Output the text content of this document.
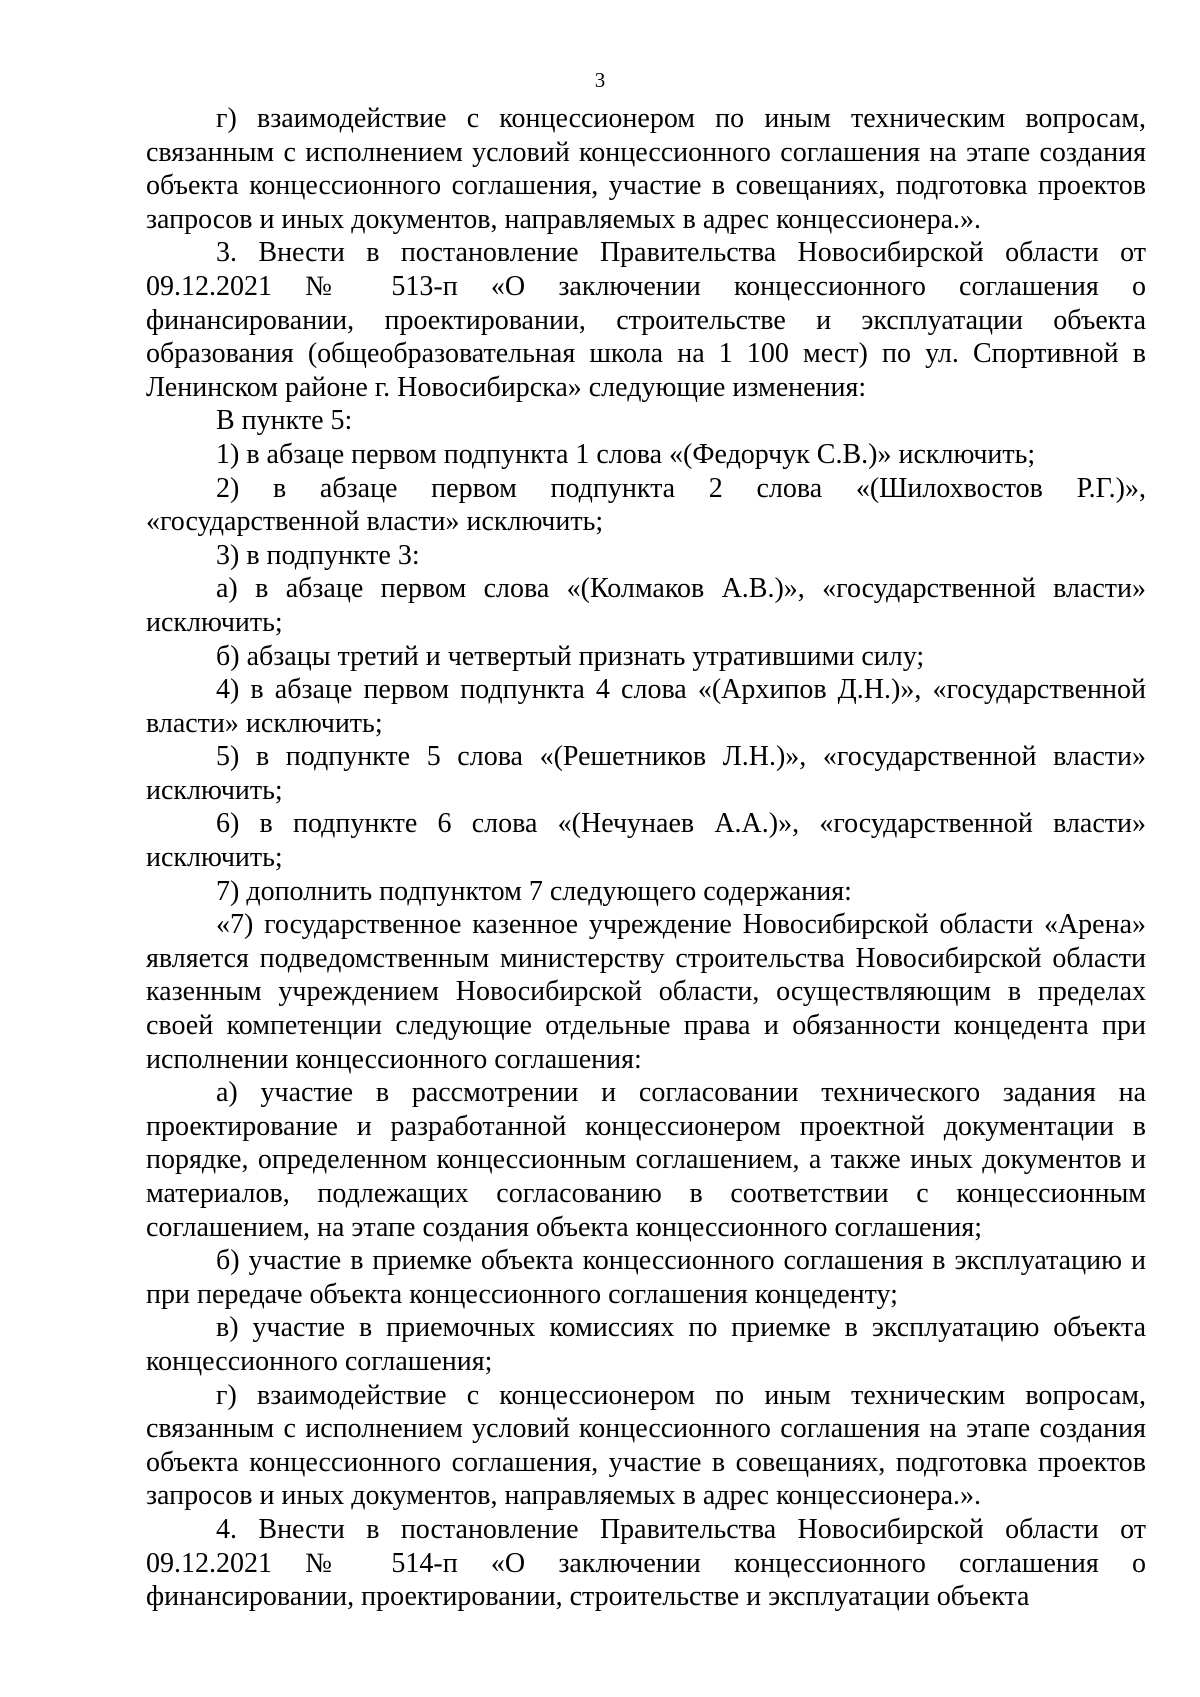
3

г) взаимодействие с концессионером по иным техническим вопросам, связанным с исполнением условий концессионного соглашения на этапе создания объекта концессионного соглашения, участие в совещаниях, подготовка проектов запросов и иных документов, направляемых в адрес концессионера.».

3. Внести в постановление Правительства Новосибирской области от 09.12.2021 № 513-п «О заключении концессионного соглашения о финансировании, проектировании, строительстве и эксплуатации объекта образования (общеобразовательная школа на 1 100 мест) по ул. Спортивной в Ленинском районе г. Новосибирска» следующие изменения:

В пункте 5:

1) в абзаце первом подпункта 1 слова «(Федорчук С.В.)» исключить;

2) в абзаце первом подпункта 2 слова «(Шилохвостов Р.Г.)», «государственной власти» исключить;

3) в подпункте 3:

а) в абзаце первом слова «(Колмаков А.В.)», «государственной власти» исключить;

б) абзацы третий и четвертый признать утратившими силу;

4) в абзаце первом подпункта 4 слова «(Архипов Д.Н.)», «государственной власти» исключить;

5) в подпункте 5 слова «(Решетников Л.Н.)», «государственной власти» исключить;

6) в подпункте 6 слова «(Нечунаев А.А.)», «государственной власти» исключить;

7) дополнить подпунктом 7 следующего содержания:

«7) государственное казенное учреждение Новосибирской области «Арена» является подведомственным министерству строительства Новосибирской области казенным учреждением Новосибирской области, осуществляющим в пределах своей компетенции следующие отдельные права и обязанности концедента при исполнении концессионного соглашения:

а) участие в рассмотрении и согласовании технического задания на проектирование и разработанной концессионером проектной документации в порядке, определенном концессионным соглашением, а также иных документов и материалов, подлежащих согласованию в соответствии с концессионным соглашением, на этапе создания объекта концессионного соглашения;

б) участие в приемке объекта концессионного соглашения в эксплуатацию и при передаче объекта концессионного соглашения концеденту;

в) участие в приемочных комиссиях по приемке в эксплуатацию объекта концессионного соглашения;

г) взаимодействие с концессионером по иным техническим вопросам, связанным с исполнением условий концессионного соглашения на этапе создания объекта концессионного соглашения, участие в совещаниях, подготовка проектов запросов и иных документов, направляемых в адрес концессионера.».

4. Внести в постановление Правительства Новосибирской области от 09.12.2021 № 514-п «О заключении концессионного соглашения о финансировании, проектировании, строительстве и эксплуатации объекта
